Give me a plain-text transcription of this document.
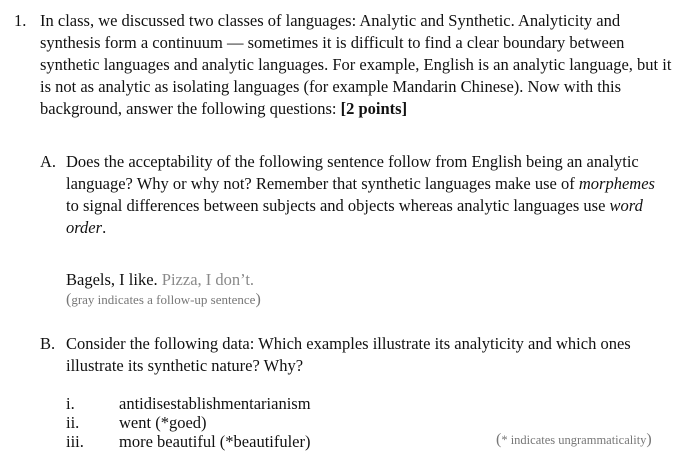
1. In class, we discussed two classes of languages: Analytic and Synthetic. Analyticity and synthesis form a continuum — sometimes it is difficult to find a clear boundary between synthetic languages and analytic languages. For example, English is an analytic language, but it is not as analytic as isolating languages (for example Mandarin Chinese). Now with this background, answer the following questions: [2 points]

A. Does the acceptability of the following sentence follow from English being an analytic language? Why or why not? Remember that synthetic languages make use of morphemes to signal differences between subjects and objects whereas analytic languages use word order.
Bagels, I like. Pizza, I don’t.
(gray indicates a follow-up sentence)
B. Consider the following data: Which examples illustrate its analyticity and which ones illustrate its synthetic nature? Why?
i.	antidisestablishmentarianism
ii. went (*goed)
iii. more beautiful (*beautifuler)	(* indicates ungrammaticality)
